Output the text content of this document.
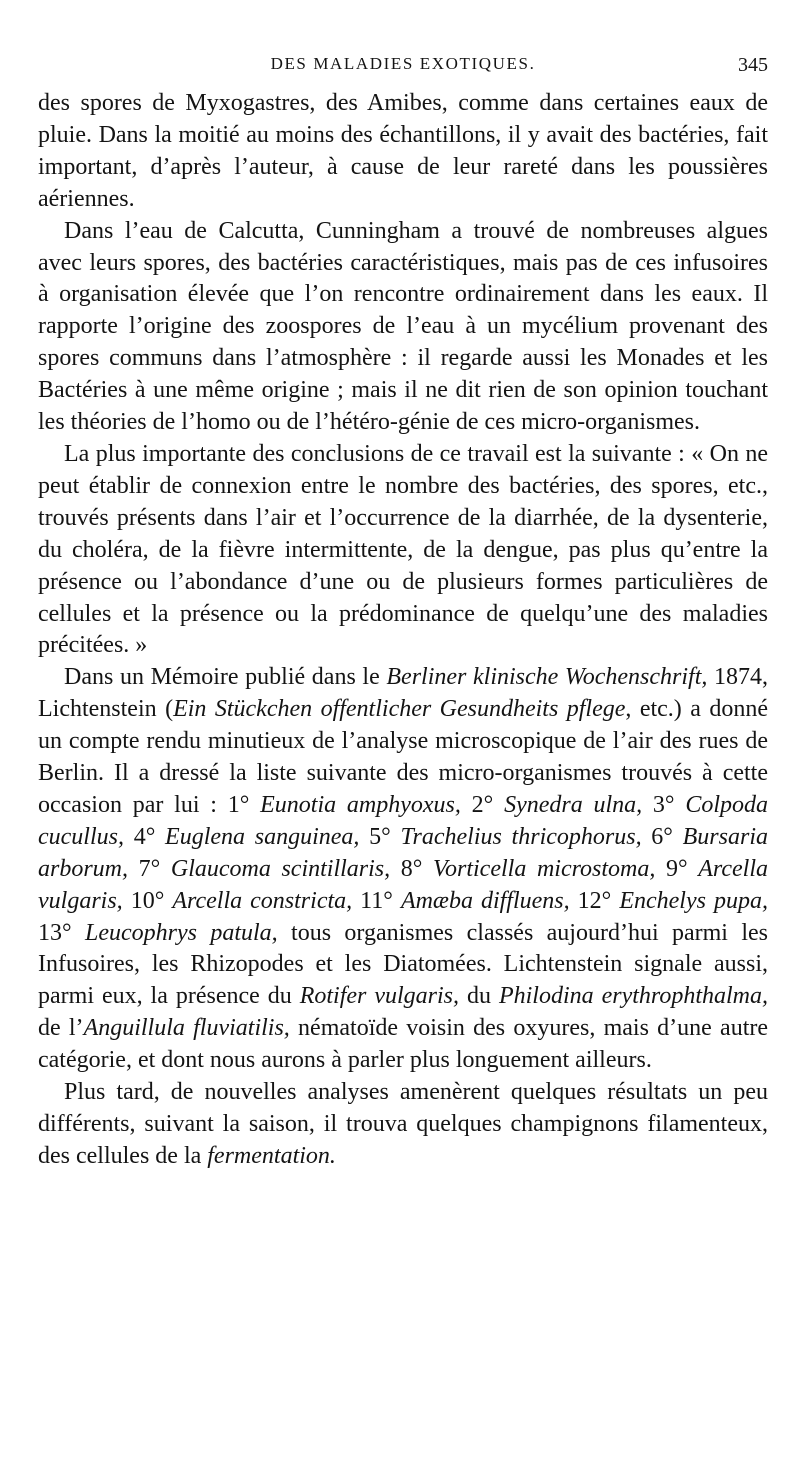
DES MALADIES EXOTIQUES.	345

des spores de Myxogastres, des Amibes, comme dans certaines eaux de pluie. Dans la moitié au moins des échantillons, il y avait des bactéries, fait important, d’après l’auteur, à cause de leur rareté dans les poussières aériennes.

Dans l’eau de Calcutta, Cunningham a trouvé de nombreuses algues avec leurs spores, des bactéries caractéristiques, mais pas de ces infusoires à organisation élevée que l’on rencontre ordinairement dans les eaux. Il rapporte l’origine des zoospores de l’eau à un mycélium provenant des spores communs dans l’atmosphère : il regarde aussi les Monades et les Bactéries à une même origine ; mais il ne dit rien de son opinion touchant les théories de l’homo ou de l’hétéro-génie de ces micro-organismes.

La plus importante des conclusions de ce travail est la suivante : « On ne peut établir de connexion entre le nombre des bactéries, des spores, etc., trouvés présents dans l’air et l’occurrence de la diarrhée, de la dysenterie, du choléra, de la fièvre intermittente, de la dengue, pas plus qu’entre la présence ou l’abondance d’une ou de plusieurs formes particulières de cellules et la présence ou la prédominance de quelqu’une des maladies précitées. »

Dans un Mémoire publié dans le Berliner klinische Wochenschrift, 1874, Lichtenstein (Ein Stückchen offentlicher Gesundheits pflege, etc.) a donné un compte rendu minutieux de l’analyse microscopique de l’air des rues de Berlin. Il a dressé la liste suivante des micro-organismes trouvés à cette occasion par lui : 1° Eunotia amphyoxus, 2° Synedra ulna, 3° Colpoda cucullus, 4° Euglena sanguinea, 5° Trachelius thricophorus, 6° Bursaria arborum, 7° Glaucoma scintillaris, 8° Vorticella microstoma, 9° Arcella vulgaris, 10° Arcella constricta, 11° Amæba diffluens, 12° Enchelys pupa, 13° Leucophrys patula, tous organismes classés aujourd’hui parmi les Infusoires, les Rhizopodes et les Diatomées. Lichtenstein signale aussi, parmi eux, la présence du Rotifer vulgaris, du Philodina erythrophthalma, de l’Anguillula fluviatilis, nématoïde voisin des oxyures, mais d’une autre catégorie, et dont nous aurons à parler plus longuement ailleurs.

Plus tard, de nouvelles analyses amenèrent quelques résultats un peu différents, suivant la saison, il trouva quelques champignons filamenteux, des cellules de la fermentation.
